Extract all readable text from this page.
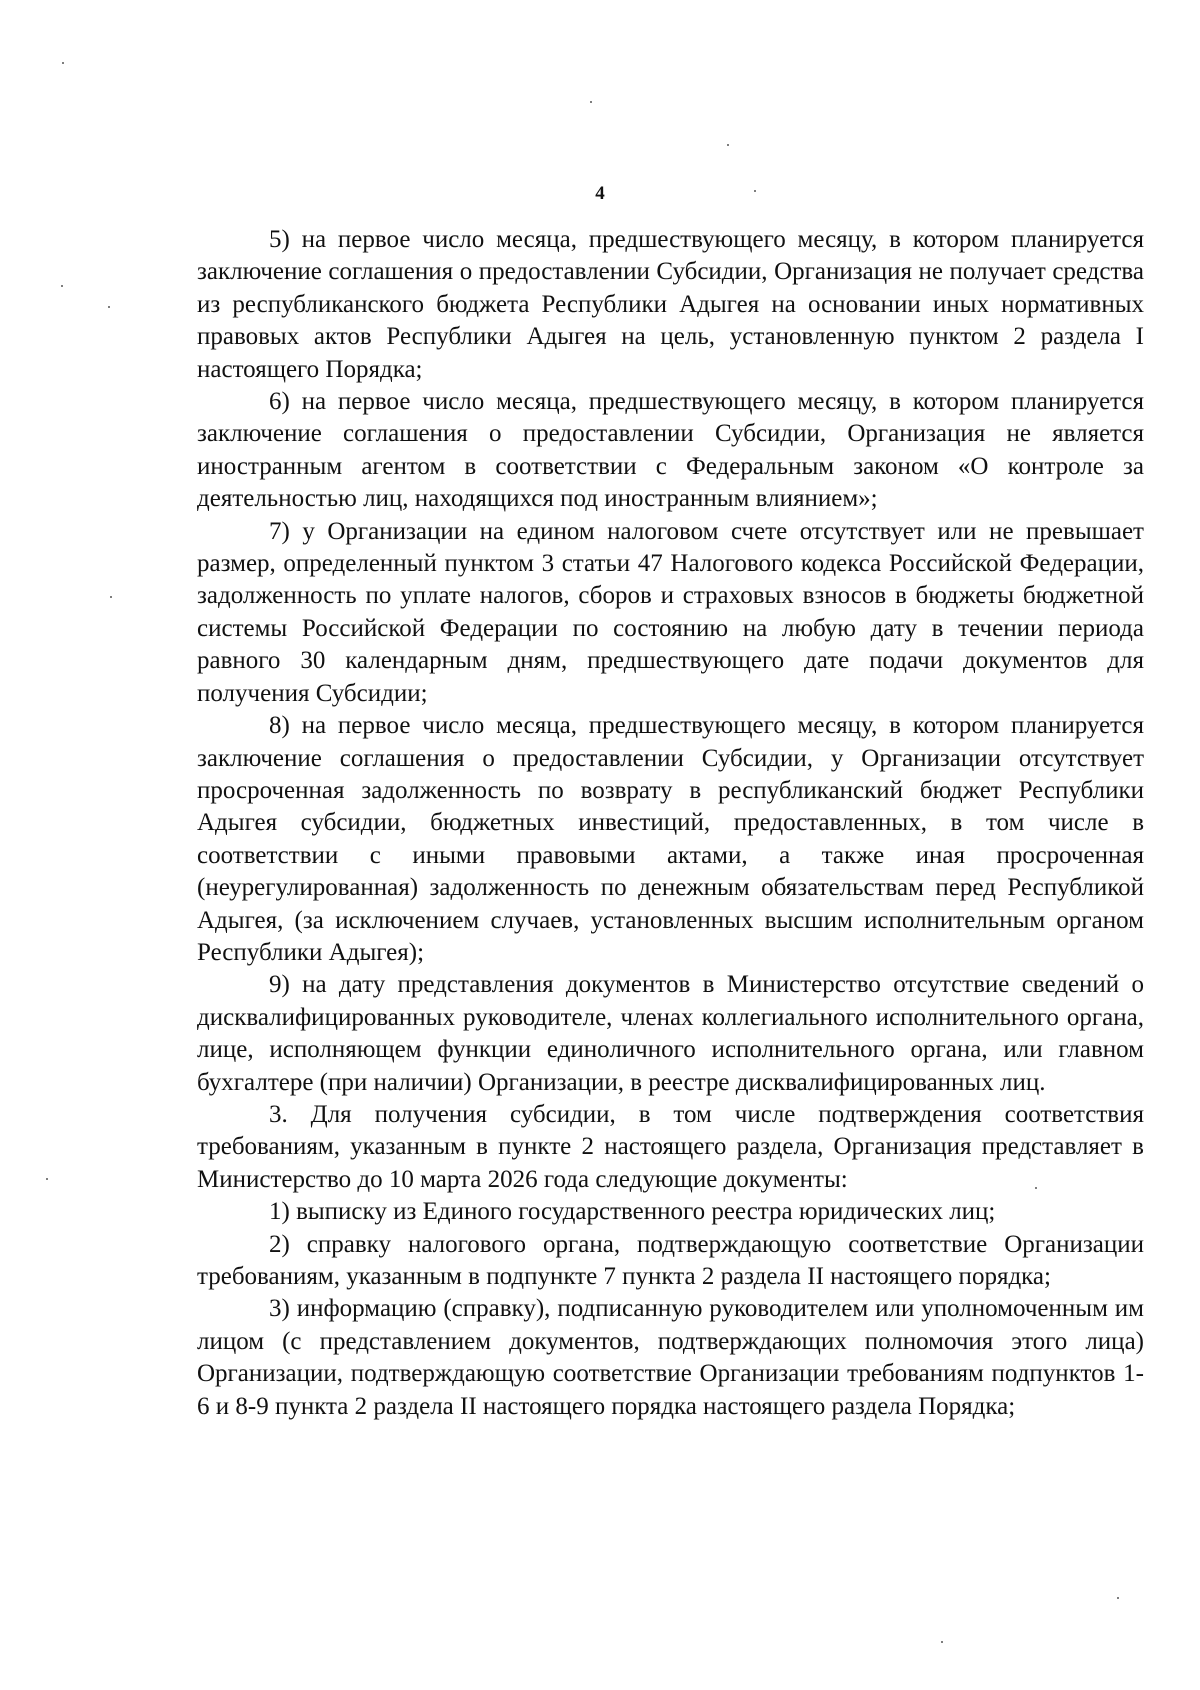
4

5) на первое число месяца, предшествующего месяцу, в котором планируется заключение соглашения о предоставлении Субсидии, Организация не получает средства из республиканского бюджета Республики Адыгея на основании иных нормативных правовых актов Республики Адыгея на цель, установленную пунктом 2 раздела I настоящего Порядка;

6) на первое число месяца, предшествующего месяцу, в котором планируется заключение соглашения о предоставлении Субсидии, Организация не является иностранным агентом в соответствии с Федеральным законом «О контроле за деятельностью лиц, находящихся под иностранным влиянием»;

7) у Организации на едином налоговом счете отсутствует или не превышает размер, определенный пунктом 3 статьи 47 Налогового кодекса Российской Федерации, задолженность по уплате налогов, сборов и страховых взносов в бюджеты бюджетной системы Российской Федерации по состоянию на любую дату в течении периода равного 30 календарным дням, предшествующего дате подачи документов для получения Субсидии;

8) на первое число месяца, предшествующего месяцу, в котором планируется заключение соглашения о предоставлении Субсидии, у Организации отсутствует просроченная задолженность по возврату в республиканский бюджет Республики Адыгея субсидии, бюджетных инвестиций, предоставленных, в том числе в соответствии с иными правовыми актами, а также иная просроченная (неурегулированная) задолженность по денежным обязательствам перед Республикой Адыгея, (за исключением случаев, установленных высшим исполнительным органом Республики Адыгея);

9) на дату представления документов в Министерство отсутствие сведений о дисквалифицированных руководителе, членах коллегиального исполнительного органа, лице, исполняющем функции единоличного исполнительного органа, или главном бухгалтере (при наличии) Организации, в реестре дисквалифицированных лиц.

3. Для получения субсидии, в том числе подтверждения соответствия требованиям, указанным в пункте 2 настоящего раздела, Организация представляет в Министерство до 10 марта 2026 года следующие документы:

1) выписку из Единого государственного реестра юридических лиц;

2) справку налогового органа, подтверждающую соответствие Организации требованиям, указанным в подпункте 7 пункта 2 раздела II настоящего порядка;

3) информацию (справку), подписанную руководителем или уполномоченным им лицом (с представлением документов, подтверждающих полномочия этого лица) Организации, подтверждающую соответствие Организации требованиям подпунктов 1-6 и 8-9 пункта 2 раздела II настоящего порядка настоящего раздела Порядка;
